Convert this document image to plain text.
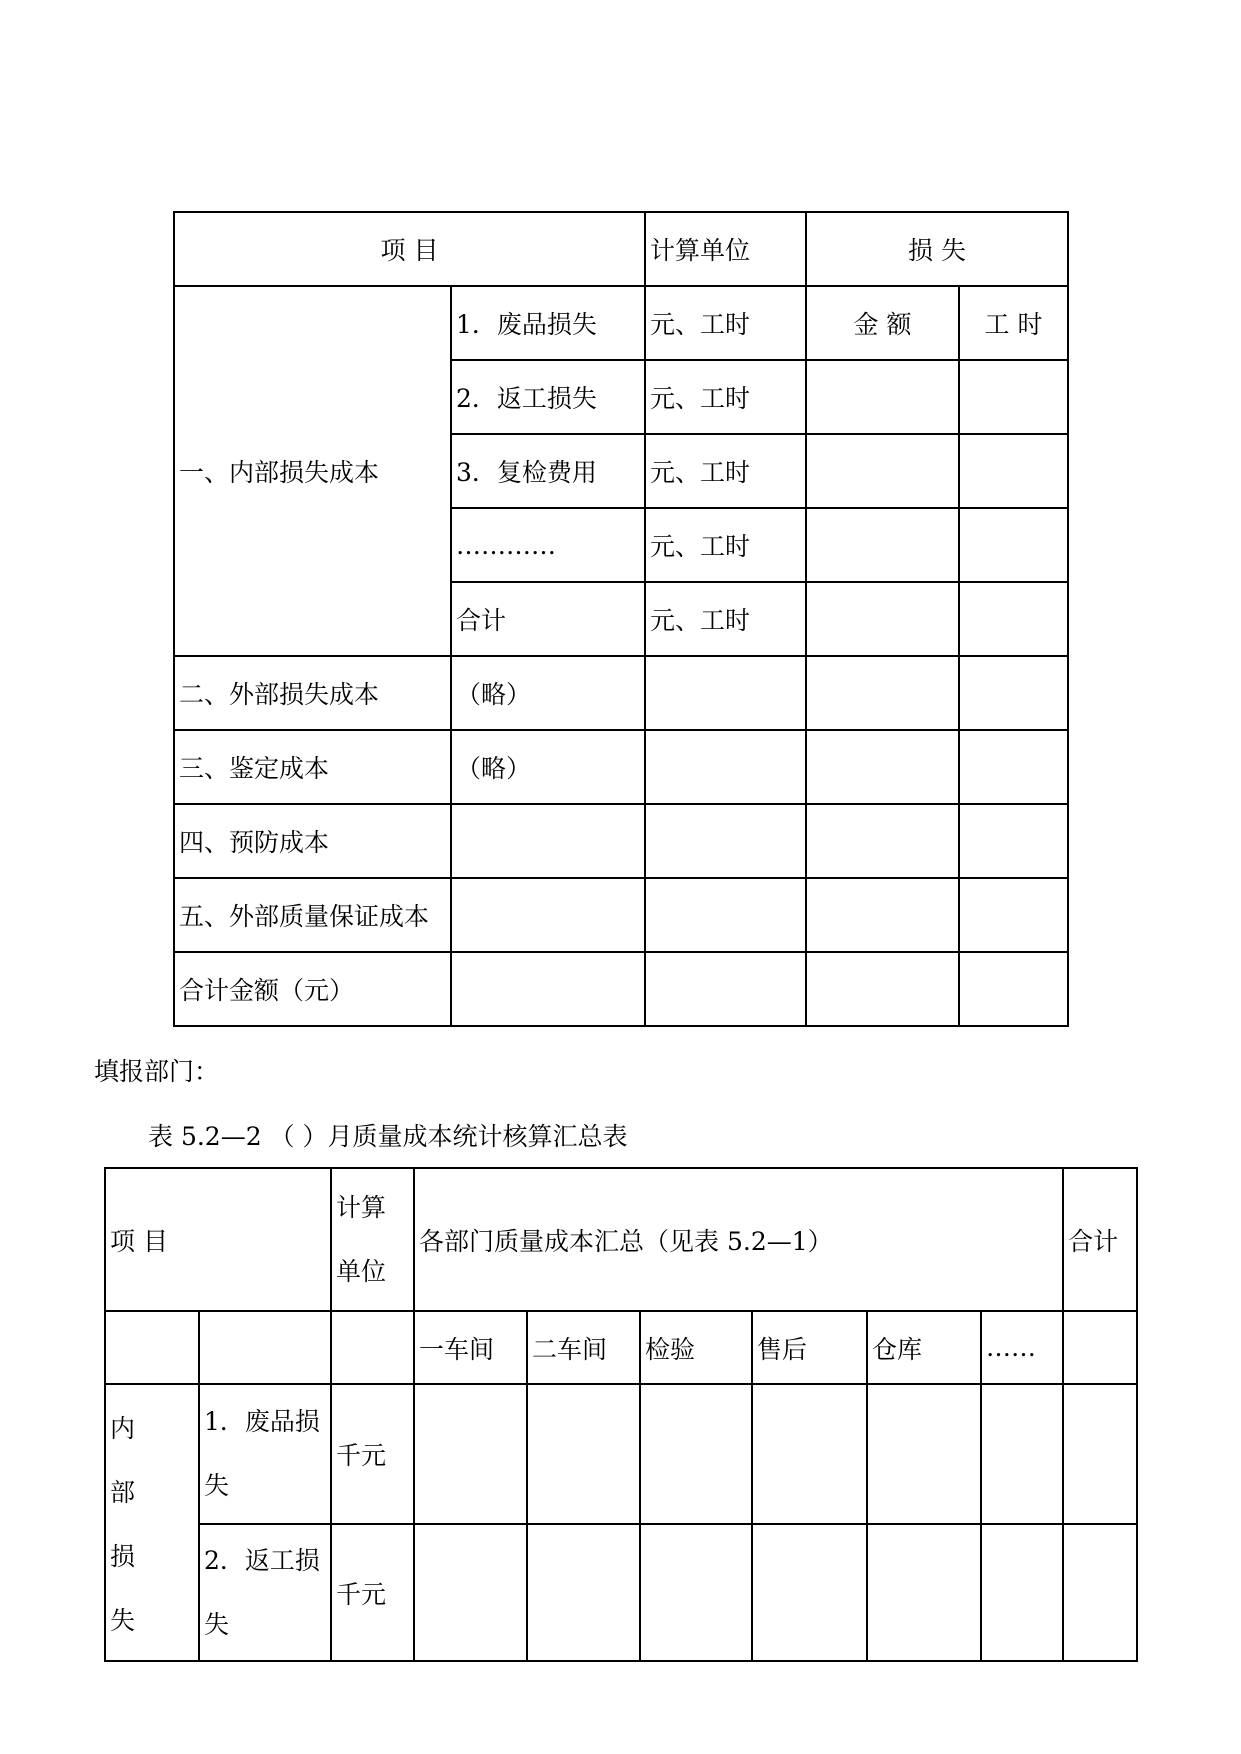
项 目		计算单位	损 失	
一、内部损失成本	1．废品损失	元、工时	金 额	工 时
	2．返工损失	元、工时		
	3．复检费用	元、工时		
	…………	元、工时		
	合计	元、工时		
二、外部损失成本	（略）			
三、鉴定成本	（略）			
四、预防成本				
五、外部质量保证成本				
合计金额（元）				
填报部门：
表 5.2—2 （ ）月质量成本统计核算汇总表
项 目		计算单位	各部门质量成本汇总（见表 5.2—1）						合计
			一车间	二车间	检验	售后	仓库	……	
内
部
损
失	1．废品损失	千元							
	2．返工损失	千元							
